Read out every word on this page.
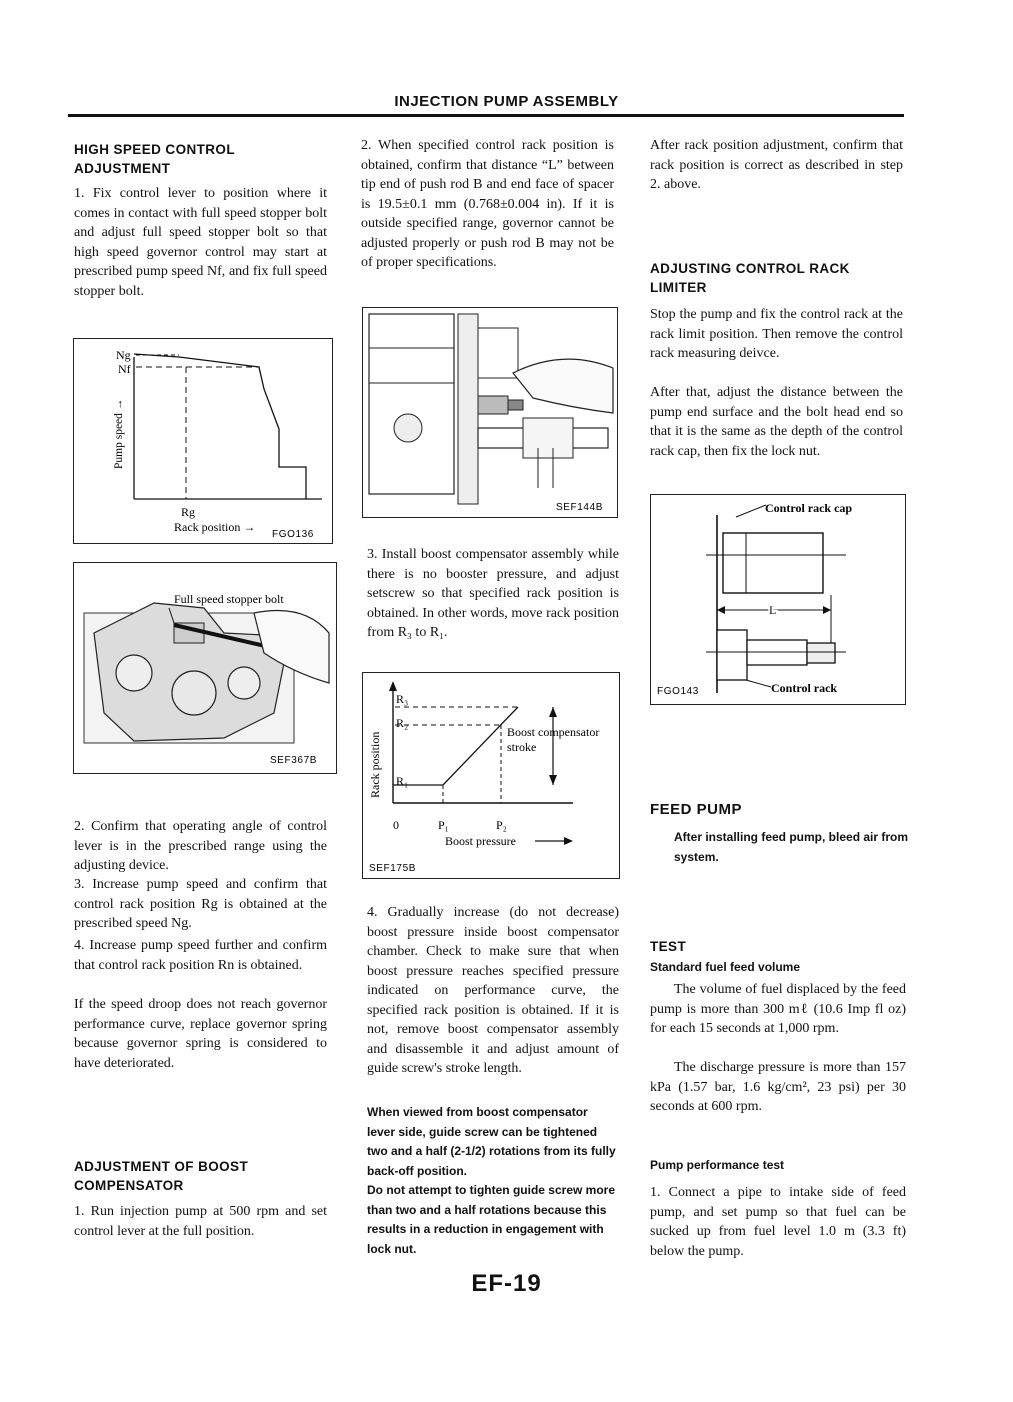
INJECTION PUMP ASSEMBLY
HIGH SPEED CONTROL ADJUSTMENT
1. Fix control lever to position where it comes in contact with full speed stopper bolt and adjust full speed stopper bolt so that high speed governor control may start at prescribed pump speed Nf, and fix full speed stopper bolt.
Ng
Nf
Pump speed →
Rg
Rack position →
FGO136
Full speed stopper bolt
SEF367B
2. Confirm that operating angle of control lever is in the prescribed range using the adjusting device.
3. Increase pump speed and confirm that control rack position Rg is obtained at the prescribed speed Ng.
4. Increase pump speed further and confirm that control rack position Rn is obtained.
If the speed droop does not reach governor performance curve, replace governor spring because governor spring is considered to have deteriorated.
ADJUSTMENT OF BOOST COMPENSATOR
1. Run injection pump at 500 rpm and set control lever at the full position.
2. When specified control rack position is obtained, confirm that distance “L” between tip end of push rod B and end face of spacer is 19.5±0.1 mm (0.768±0.004 in). If it is outside specified range, governor cannot be adjusted properly or push rod B may not be of proper specifications.
SEF144B
3. Install boost compensator assembly while there is no booster pressure, and adjust setscrew so that specified rack position is obtained. In other words, move rack position from R₃ to R₁.
R₃
R₂
R₁
Rack position
0	P₁	P₂
Boost pressure
Boost compensator
stroke
SEF175B
4. Gradually increase (do not decrease) boost pressure inside boost compensator chamber. Check to make sure that when boost pressure reaches specified pressure indicated on performance curve, the specified rack position is obtained. If it is not, remove boost compensator assembly and disassemble it and adjust amount of guide screw's stroke length.
When viewed from boost compensator lever side, guide screw can be tightened two and a half (2-1/2) rotations from its fully back-off position.
Do not attempt to tighten guide screw more than two and a half rotations because this results in a reduction in engagement with lock nut.
After rack position adjustment, confirm that rack position is correct as described in step 2. above.
ADJUSTING CONTROL RACK LIMITER
Stop the pump and fix the control rack at the rack limit position. Then remove the control rack measuring deivce.
After that, adjust the distance between the pump end surface and the bolt head end so that it is the same as the depth of the control rack cap, then fix the lock nut.
Control rack cap
L
Control rack
FGO143
FEED PUMP
After installing feed pump, bleed air from system.
TEST
Standard fuel feed volume
The volume of fuel displaced by the feed pump is more than 300 mℓ (10.6 Imp fl oz) for each 15 seconds at 1,000 rpm.
The discharge pressure is more than 157 kPa (1.57 bar, 1.6 kg/cm², 23 psi) per 30 seconds at 600 rpm.
Pump performance test
1. Connect a pipe to intake side of feed pump, and set pump so that fuel can be sucked up from fuel level 1.0 m (3.3 ft) below the pump.
EF-19
